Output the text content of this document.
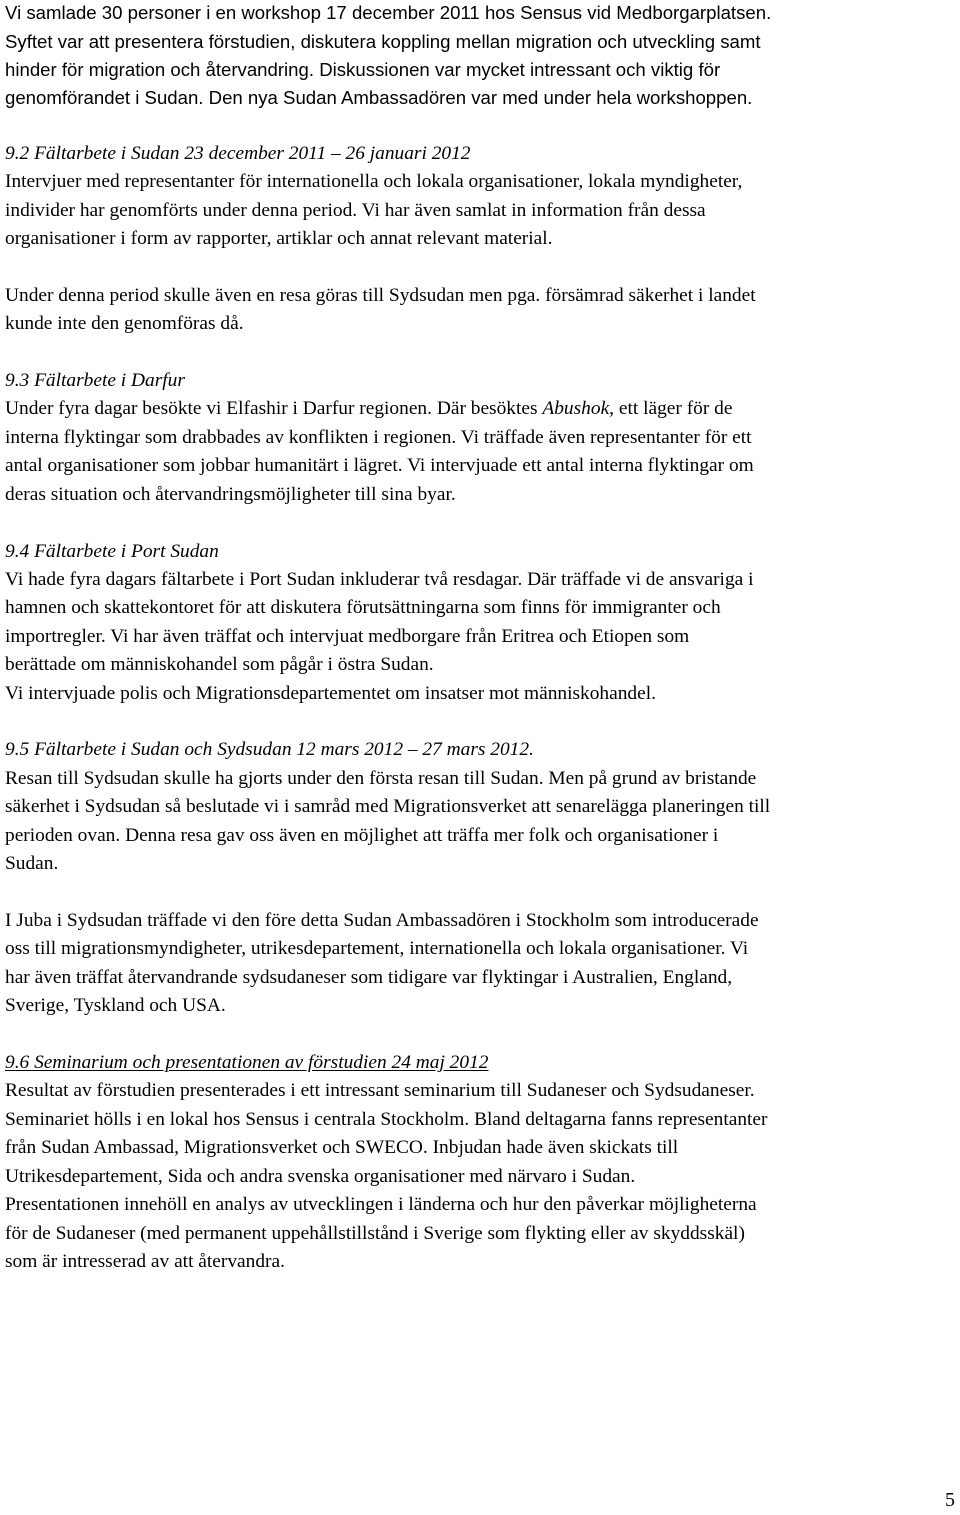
Vi samlade 30 personer i en workshop 17 december 2011 hos Sensus vid Medborgarplatsen.
Syftet var att presentera förstudien, diskutera koppling mellan migration och utveckling samt
hinder för migration och återvandring. Diskussionen var mycket intressant och viktig för
genomförandet i Sudan. Den nya Sudan Ambassadören var med under hela workshoppen.
9.2 Fältarbete i Sudan 23 december 2011 – 26 januari 2012
Intervjuer med representanter för internationella och lokala organisationer, lokala myndigheter,
individer har genomförts under denna period. Vi har även samlat in information från dessa
organisationer i form av rapporter, artiklar och annat relevant material.
Under denna period skulle även en resa göras till Sydsudan men pga. försämrad säkerhet i landet
kunde inte den genomföras då.
9.3 Fältarbete i Darfur
Under fyra dagar besökte vi Elfashir i Darfur regionen. Där besöktes Abushok, ett läger för de
interna flyktingar som drabbades av konflikten i regionen. Vi träffade även representanter för ett
antal organisationer som jobbar humanitärt i lägret. Vi intervjuade ett antal interna flyktingar om
deras situation och återvandringsmöjligheter till sina byar.
9.4 Fältarbete i Port Sudan
Vi hade fyra dagars fältarbete i Port Sudan inkluderar två resdagar. Där träffade vi de ansvariga i
hamnen och skattekontoret för att diskutera förutsättningarna som finns för immigranter och
importregler. Vi har även träffat och intervjuat medborgare från Eritrea och Etiopen som
berättade om människohandel som pågår i östra Sudan.
Vi intervjuade polis och Migrationsdepartementet om insatser mot människohandel.
9.5 Fältarbete i Sudan och Sydsudan 12 mars 2012 – 27 mars 2012.
Resan till Sydsudan skulle ha gjorts under den första resan till Sudan. Men på grund av bristande
säkerhet i Sydsudan så beslutade vi i samråd med Migrationsverket att senarelägga planeringen till
perioden ovan. Denna resa gav oss även en möjlighet att träffa mer folk och organisationer i
Sudan.
I Juba i Sydsudan träffade vi den före detta Sudan Ambassadören i Stockholm som introducerade
oss till migrationsmyndigheter, utrikesdepartement, internationella och lokala organisationer. Vi
har även träffat återvandrande sydsudaneser som tidigare var flyktingar i Australien, England,
Sverige, Tyskland och USA.
9.6 Seminarium och presentationen av förstudien 24 maj 2012
Resultat av förstudien presenterades i ett intressant seminarium till Sudaneser och Sydsudaneser.
Seminariet hölls i en lokal hos Sensus i centrala Stockholm. Bland deltagarna fanns representanter
från Sudan Ambassad, Migrationsverket och SWECO. Inbjudan hade även skickats till
Utrikesdepartement, Sida och andra svenska organisationer med närvaro i Sudan.
Presentationen innehöll en analys av utvecklingen i länderna och hur den påverkar möjligheterna
för de Sudaneser (med permanent uppehållstillstånd i Sverige som flykting eller av skyddsskäl)
som är intresserad av att återvandra.
5
